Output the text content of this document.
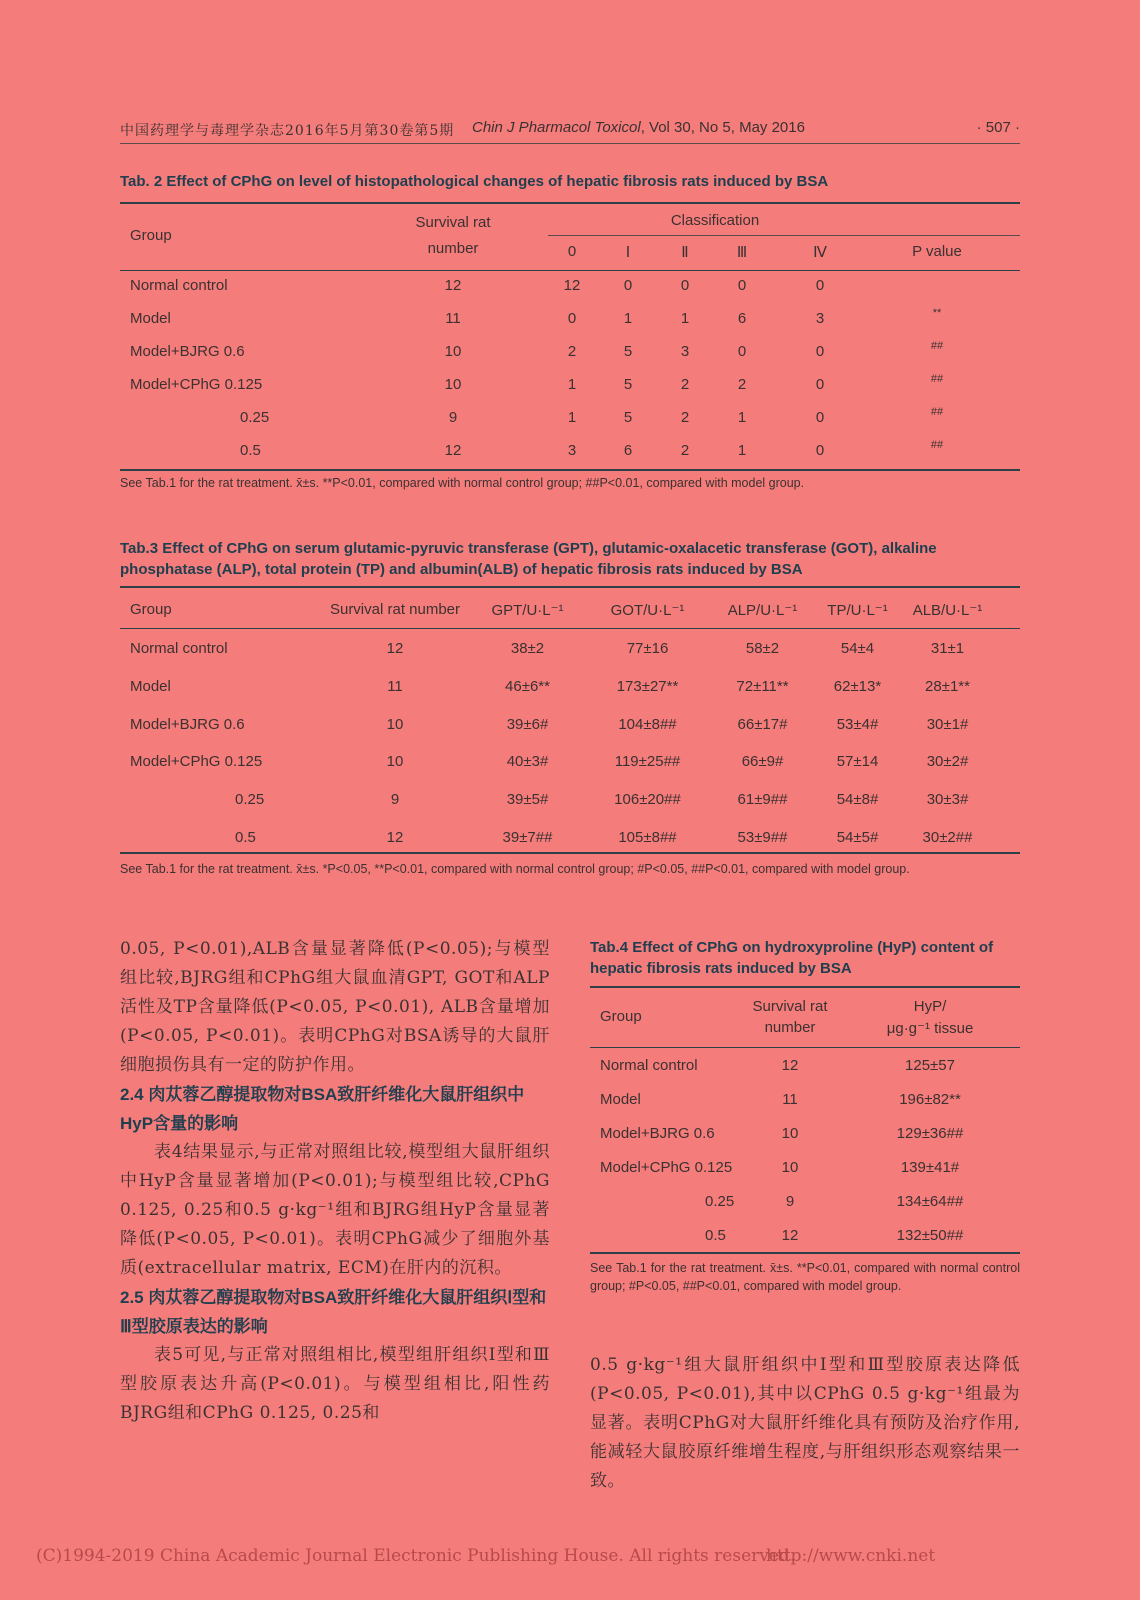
中国药理学与毒理学杂志2016年5月第30卷第5期 Chin J Pharmacol Toxicol, Vol 30, No 5, May 2016	· 507 ·
Tab. 2 Effect of CPhG on level of histopathological changes of hepatic fibrosis rats induced by BSA
Group
Survival rat
number
Classification
0	Ⅰ	Ⅱ	Ⅲ	Ⅳ	P value
Normal control	12	12	0	0	0	0
Model	11	0	1	1	6	3	**
Model+BJRG 0.6	10	2	5	3	0	0	##
Model+CPhG 0.125	10	1	5	2	2	0	##
0.25	9	1	5	2	1	0	##
0.5	12	3	6	2	1	0	##
See Tab.1 for the rat treatment. x̄±s. **P<0.01, compared with normal control group; ##P<0.01, compared with model group.
Tab.3 Effect of CPhG on serum glutamic-pyruvic transferase (GPT), glutamic-oxalacetic transferase (GOT), alkaline phosphatase (ALP), total protein (TP) and albumin(ALB) of hepatic fibrosis rats induced by BSA
Group	Survival rat number	GPT/U·L⁻¹	GOT/U·L⁻¹	ALP/U·L⁻¹	TP/U·L⁻¹	ALB/U·L⁻¹
Normal control	12	38±2	77±16	58±2	54±4	31±1
Model	11	46±6**	173±27**	72±11**	62±13*	28±1**
Model+BJRG 0.6	10	39±6#	104±8##	66±17#	53±4#	30±1#
Model+CPhG 0.125	10	40±3#	119±25##	66±9#	57±14	30±2#
0.25	9	39±5#	106±20##	61±9##	54±8#	30±3#
0.5	12	39±7##	105±8##	53±9##	54±5#	30±2##
See Tab.1 for the rat treatment. x̄±s. *P<0.05, **P<0.01, compared with normal control group; #P<0.05, ##P<0.01, compared with model group.
0.05, P<0.01),ALB含量显著降低(P<0.05);与模型组比较,BJRG组和CPhG组大鼠血清GPT, GOT和ALP活性及TP含量降低(P<0.05, P<0.01), ALB含量增加(P<0.05, P<0.01)。表明CPhG对BSA诱导的大鼠肝细胞损伤具有一定的防护作用。
2.4 肉苁蓉乙醇提取物对BSA致肝纤维化大鼠肝组织中HyP含量的影响
表4结果显示,与正常对照组比较,模型组大鼠肝组织中HyP含量显著增加(P<0.01);与模型组比较,CPhG 0.125, 0.25和0.5 g·kg⁻¹组和BJRG组HyP含量显著降低(P<0.05, P<0.01)。表明CPhG减少了细胞外基质(extracellular matrix, ECM)在肝内的沉积。
2.5 肉苁蓉乙醇提取物对BSA致肝纤维化大鼠肝组织Ⅰ型和Ⅲ型胶原表达的影响
表5可见,与正常对照组相比,模型组肝组织Ⅰ型和Ⅲ型胶原表达升高(P<0.01)。与模型组相比,阳性药BJRG组和CPhG 0.125, 0.25和
Tab.4 Effect of CPhG on hydroxyproline (HyP) content of hepatic fibrosis rats induced by BSA
Group
Survival rat
number
HyP/
μg·g⁻¹ tissue
Normal control	12	125±57
Model	11	196±82**
Model+BJRG 0.6	10	129±36##
Model+CPhG 0.125	10	139±41#
0.25	9	134±64##
0.5	12	132±50##
See Tab.1 for the rat treatment. x̄±s. **P<0.01, compared with normal control group; #P<0.05, ##P<0.01, compared with model group.
0.5 g·kg⁻¹组大鼠肝组织中Ⅰ型和Ⅲ型胶原表达降低(P<0.05, P<0.01),其中以CPhG 0.5 g·kg⁻¹组最为显著。表明CPhG对大鼠肝纤维化具有预防及治疗作用,能减轻大鼠胶原纤维增生程度,与肝组织形态观察结果一致。
(C)1994-2019 China Academic Journal Electronic Publishing House. All rights reserved.
http://www.cnki.net
